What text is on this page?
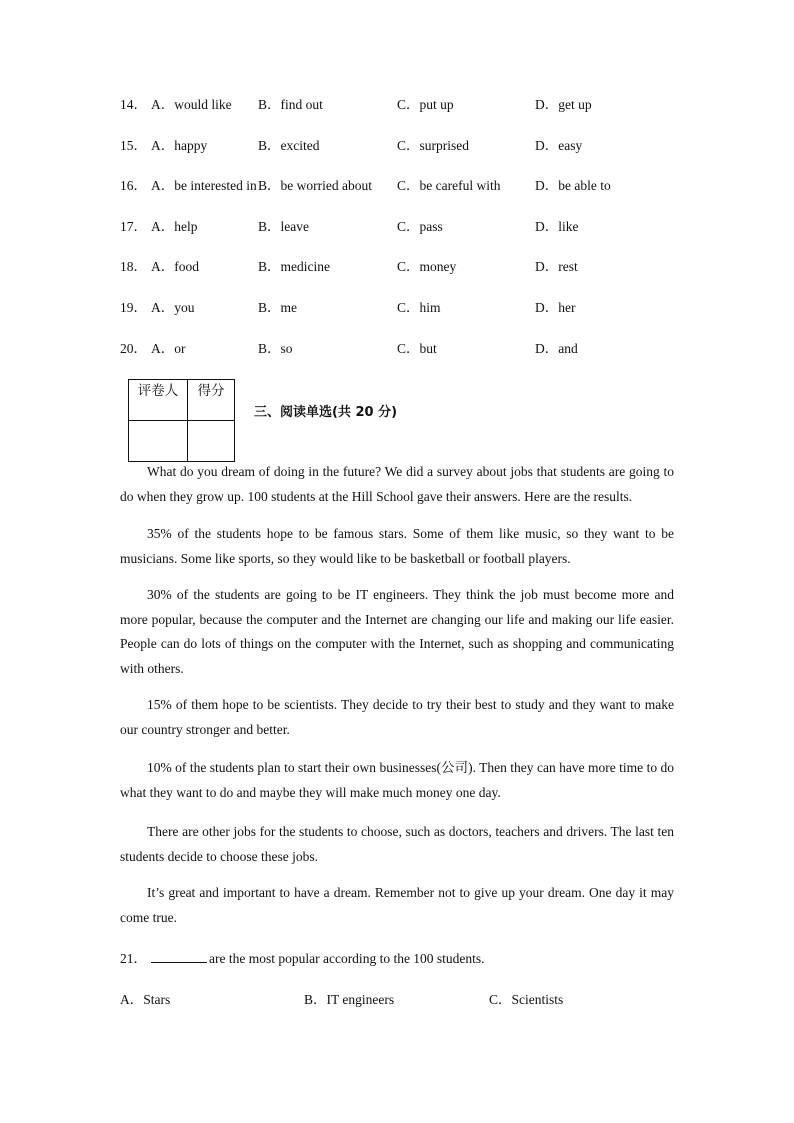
14． A．would like B．find out	C．put up	D．get up
15． A．happy	B．excited	C．surprised	D．easy
16． A．be interested in B．be worried about C．be careful with	D．be able to
17． A．help	B．leave	C．pass	D．like
18． A．food	B．medicine	C．money	D．rest
19． A．you	B．me	C．him	D．her
20． A．or	B．so	C．but	D．and
评卷人	得分

三、阅读单选(共 20 分)

What do you dream of doing in the future? We did a survey about jobs that students are going to do when they grow up. 100 students at the Hill School gave their answers. Here are the results.

35% of the students hope to be famous stars. Some of them like music, so they want to be musicians. Some like sports, so they would like to be basketball or football players.

30% of the students are going to be IT engineers. They think the job must become more and more popular, because the computer and the Internet are changing our life and making our life easier. People can do lots of things on the computer with the Internet, such as shopping and communicating with others.

15% of them hope to be scientists. They decide to try their best to study and they want to make our country stronger and better.

10% of the students plan to start their own businesses(公司). Then they can have more time to do what they want to do and maybe they will make much money one day.

There are other jobs for the students to choose, such as doctors, teachers and drivers. The last ten students decide to choose these jobs.

It’s great and important to have a dream. Remember not to give up your dream. One day it may come true.

21．	are the most popular according to the 100 students.
A．Stars	B．IT engineers	C．Scientists
